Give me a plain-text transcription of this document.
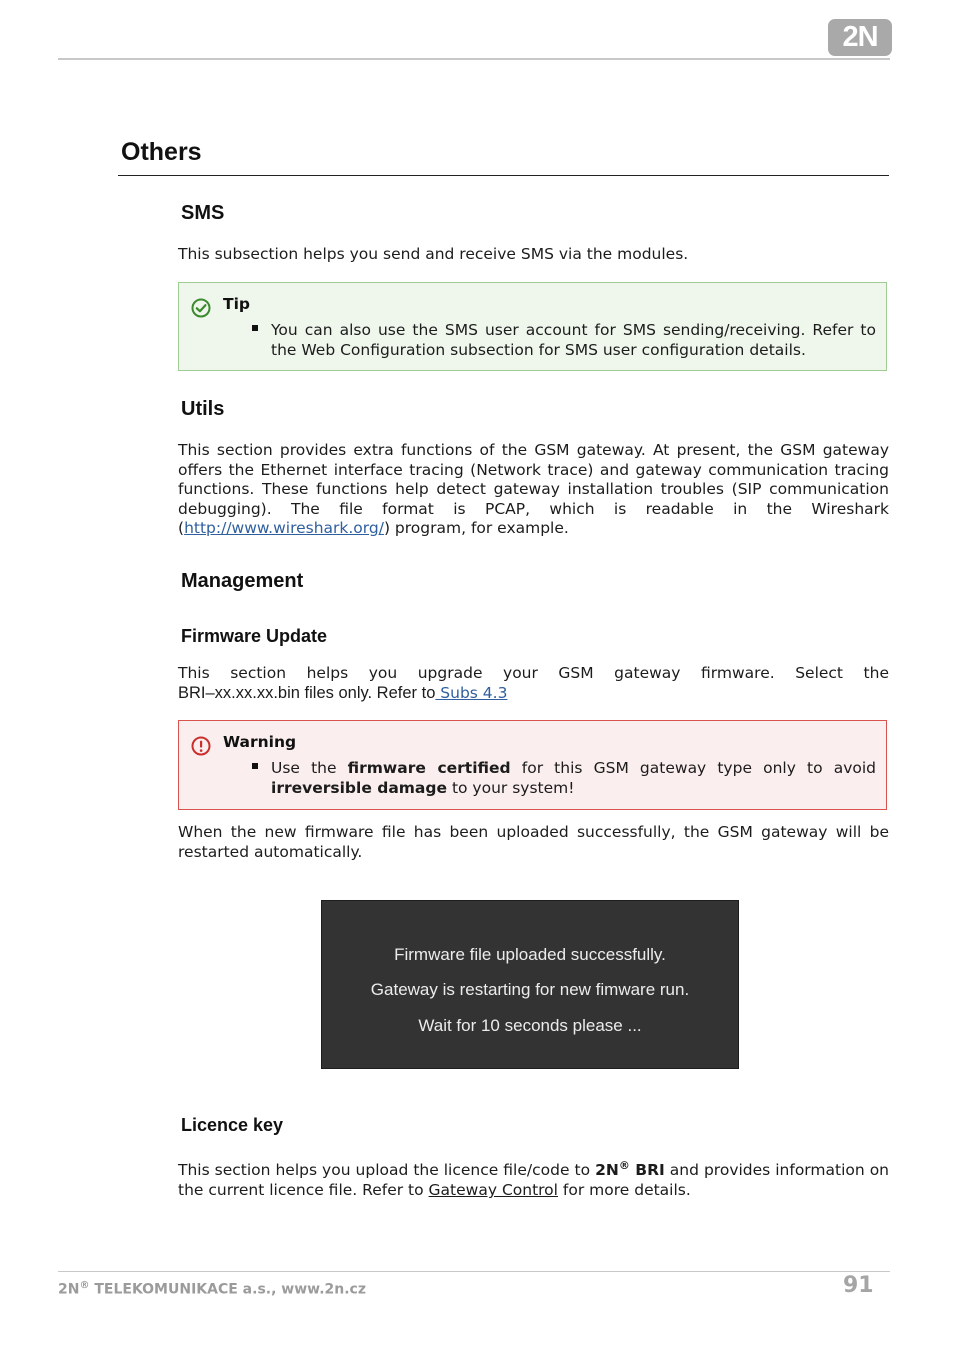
2N
Others
SMS
This subsection helps you send and receive SMS via the modules.
Tip
You can also use the SMS user account for SMS sending/receiving. Refer to the Web Configuration subsection for SMS user configuration details.
Utils
This section provides extra functions of the GSM gateway. At present, the GSM gateway offers the Ethernet interface tracing (Network trace) and gateway communication tracing functions. These functions help detect gateway installation troubles (SIP communication debugging). The file format is PCAP, which is readable in the Wireshark (http://www.wireshark.org/) program, for example.
Management
Firmware Update
This section helps you upgrade your GSM gateway firmware. Select the
BRI–xx.xx.xx.bin files only. Refer to Subs 4.3
Warning
Use the firmware certified for this GSM gateway type only to avoid irreversible damage to your system!
When the new firmware file has been uploaded successfully, the GSM gateway will be restarted automatically.
Firmware file uploaded successfully.
Gateway is restarting for new fimware run.
Wait for 10 seconds please ...
Licence key
This section helps you upload the licence file/code to 2N® BRI and provides information on the current licence file. Refer to Gateway Control for more details.
2N® TELEKOMUNIKACE a.s., www.2n.cz	91
